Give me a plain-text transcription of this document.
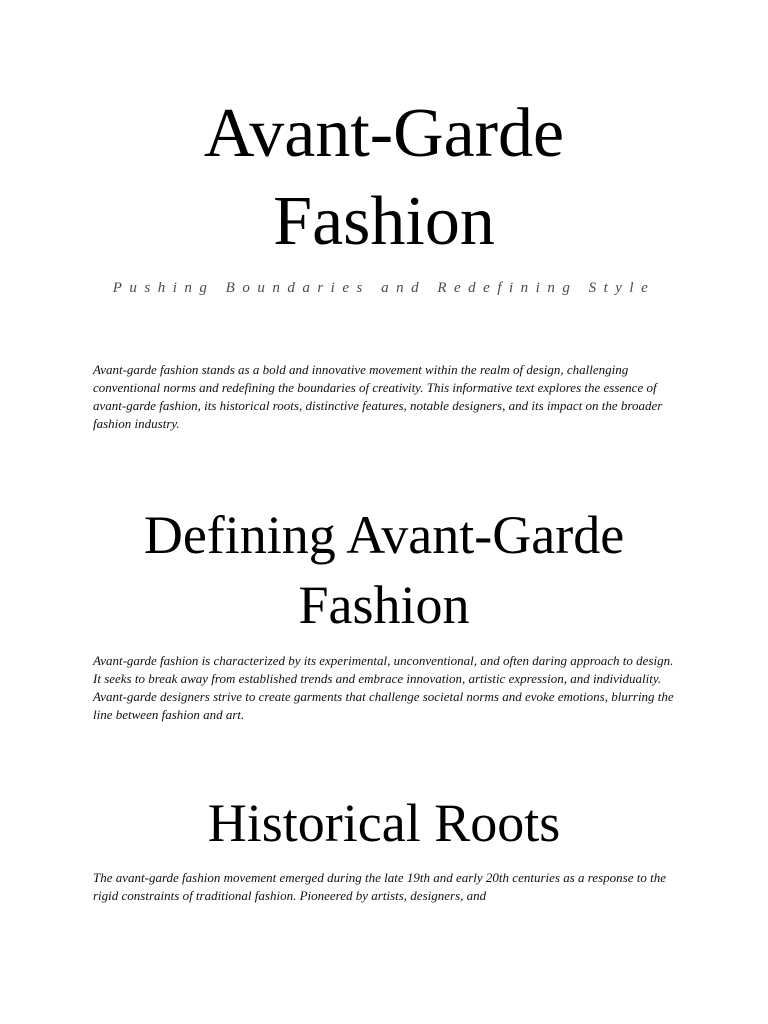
Avant-Garde
Fashion

Pushing Boundaries and Redefining Style

Avant-garde fashion stands as a bold and innovative movement within the realm of design, challenging conventional norms and redefining the boundaries of creativity. This informative text explores the essence of avant-garde fashion, its historical roots, distinctive features, notable designers, and its impact on the broader fashion industry.

Defining Avant-Garde
Fashion

Avant-garde fashion is characterized by its experimental, unconventional, and often daring approach to design. It seeks to break away from established trends and embrace innovation, artistic expression, and individuality. Avant-garde designers strive to create garments that challenge societal norms and evoke emotions, blurring the line between fashion and art.

Historical Roots

The avant-garde fashion movement emerged during the late 19th and early 20th centuries as a response to the rigid constraints of traditional fashion. Pioneered by artists, designers, and
